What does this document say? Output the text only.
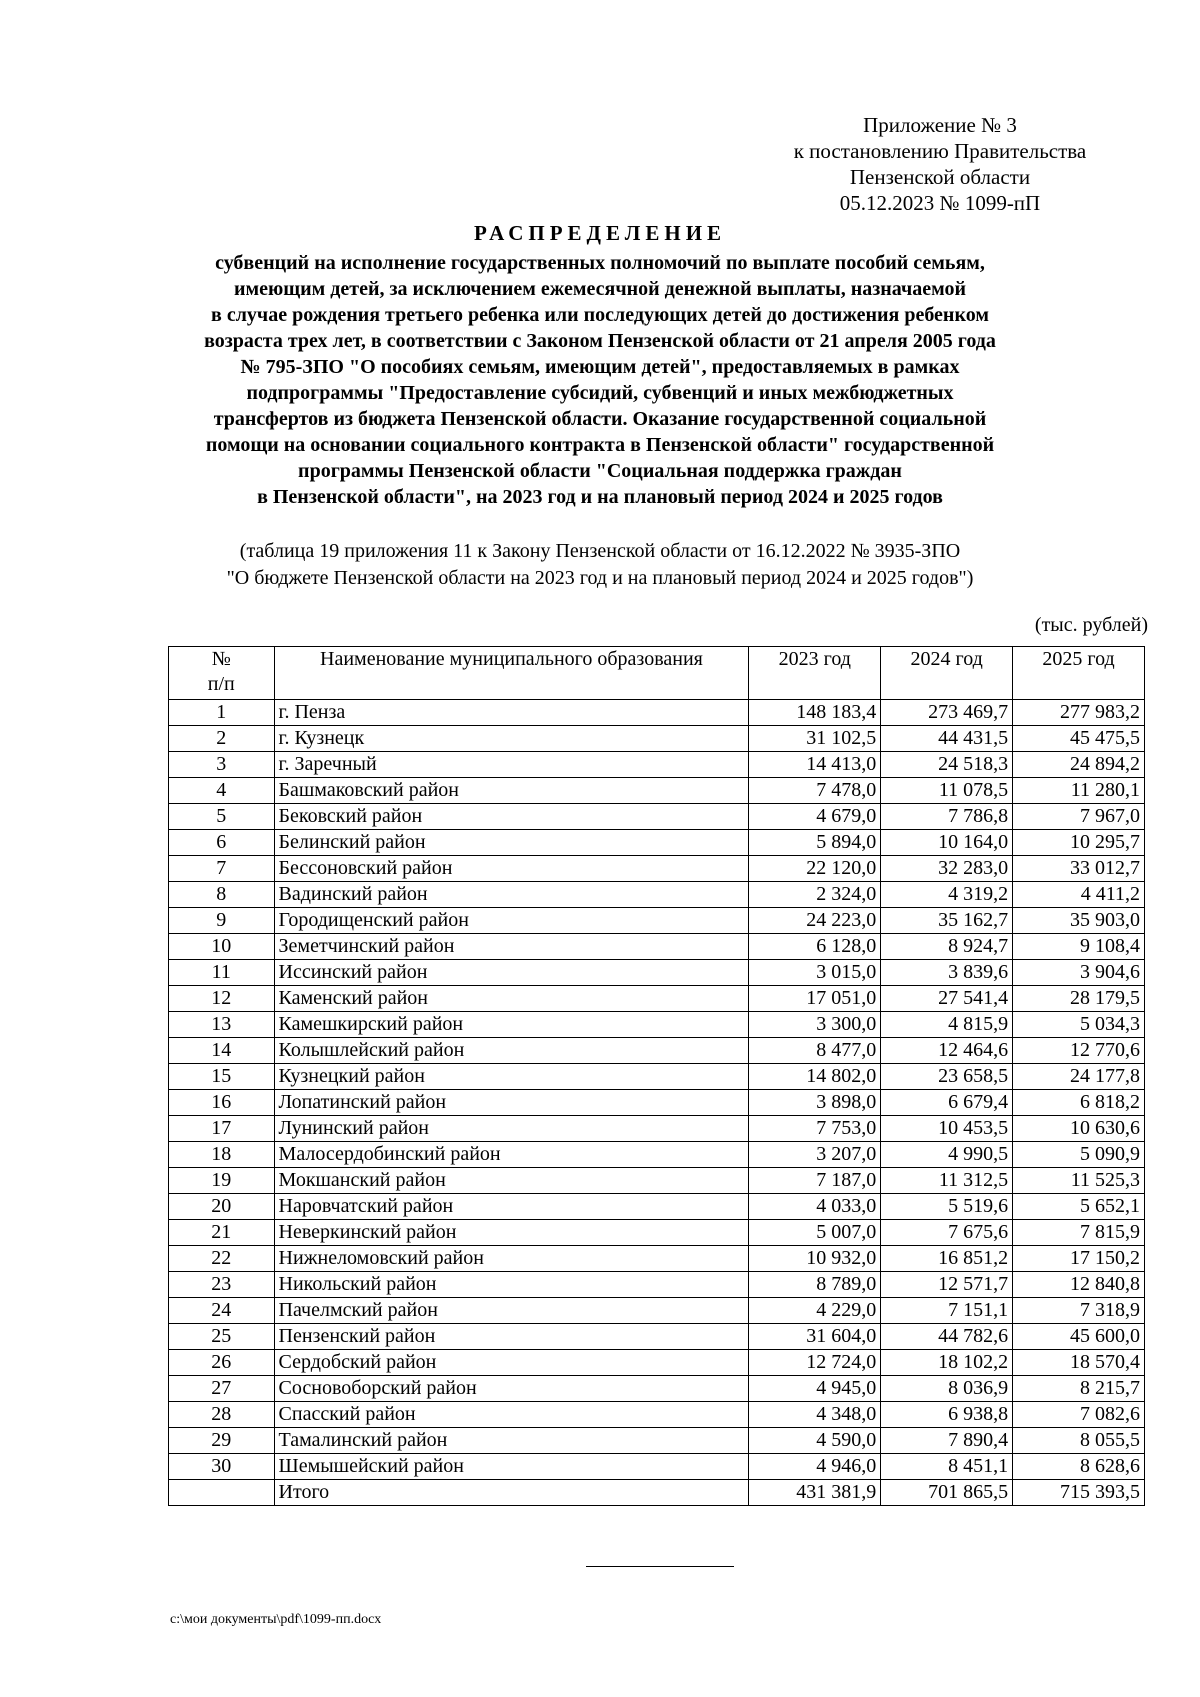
Приложение № 3
к постановлению Правительства
Пензенской области
05.12.2023 № 1099-пП
РАСПРЕДЕЛЕНИЕ
субвенций на исполнение государственных полномочий по выплате пособий семьям,
имеющим детей, за исключением ежемесячной денежной выплаты, назначаемой
в случае рождения третьего ребенка или последующих детей до достижения ребенком
возраста трех лет, в соответствии с Законом Пензенской области от 21 апреля 2005 года
№ 795-ЗПО "О пособиях семьям, имеющим детей", предоставляемых в рамках
подпрограммы "Предоставление субсидий, субвенций и иных межбюджетных
трансфертов из бюджета Пензенской области. Оказание государственной социальной
помощи на основании социального контракта в Пензенской области" государственной
программы Пензенской области "Социальная поддержка граждан
в Пензенской области", на 2023 год и на плановый период 2024 и 2025 годов
(таблица 19 приложения 11 к Закону Пензенской области от 16.12.2022 № 3935-ЗПО
"О бюджете Пензенской области на 2023 год и на плановый период 2024 и 2025 годов")
(тыс. рублей)
№
п/п	Наименование муниципального образования	2023 год	2024 год	2025 год
1	г. Пенза	148 183,4	273 469,7	277 983,2
2	г. Кузнецк	31 102,5	44 431,5	45 475,5
3	г. Заречный	14 413,0	24 518,3	24 894,2
4	Башмаковский район	7 478,0	11 078,5	11 280,1
5	Бековский район	4 679,0	7 786,8	7 967,0
6	Белинский район	5 894,0	10 164,0	10 295,7
7	Бессоновский район	22 120,0	32 283,0	33 012,7
8	Вадинский район	2 324,0	4 319,2	4 411,2
9	Городищенский район	24 223,0	35 162,7	35 903,0
10	Земетчинский район	6 128,0	8 924,7	9 108,4
11	Иссинский район	3 015,0	3 839,6	3 904,6
12	Каменский район	17 051,0	27 541,4	28 179,5
13	Камешкирский район	3 300,0	4 815,9	5 034,3
14	Колышлейский район	8 477,0	12 464,6	12 770,6
15	Кузнецкий район	14 802,0	23 658,5	24 177,8
16	Лопатинский район	3 898,0	6 679,4	6 818,2
17	Лунинский район	7 753,0	10 453,5	10 630,6
18	Малосердобинский район	3 207,0	4 990,5	5 090,9
19	Мокшанский район	7 187,0	11 312,5	11 525,3
20	Наровчатский район	4 033,0	5 519,6	5 652,1
21	Неверкинский район	5 007,0	7 675,6	7 815,9
22	Нижнеломовский район	10 932,0	16 851,2	17 150,2
23	Никольский район	8 789,0	12 571,7	12 840,8
24	Пачелмский район	4 229,0	7 151,1	7 318,9
25	Пензенский район	31 604,0	44 782,6	45 600,0
26	Сердобский район	12 724,0	18 102,2	18 570,4
27	Сосновоборский район	4 945,0	8 036,9	8 215,7
28	Спасский район	4 348,0	6 938,8	7 082,6
29	Тамалинский район	4 590,0	7 890,4	8 055,5
30	Шемышейский район	4 946,0	8 451,1	8 628,6
	Итого	431 381,9	701 865,5	715 393,5
c:\мои документы\pdf\1099-пп.docx
